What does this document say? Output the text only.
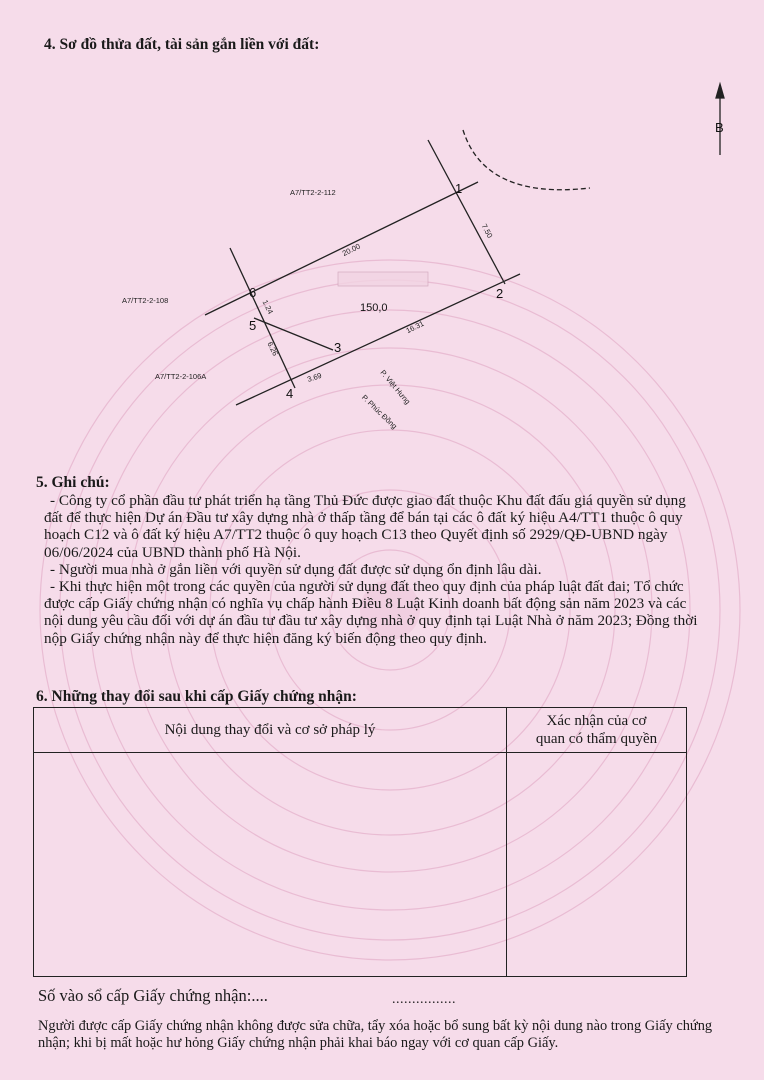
4. Sơ đồ thửa đất, tài sản gắn liền với đất:
A7/TT2-2-112
A7/TT2-2-108
A7/TT2-2-106A
20.00
7.50
16.31
3.69
6.26
1.24
P. Việt Hưng
P. Phúc Đồng
B
1
2
3
4
5
6
150,0
5. Ghi chú:

- Công ty cổ phần đầu tư phát triển hạ tầng Thủ Đức được giao đất thuộc Khu đất đấu giá quyền sử dụng đất để thực hiện Dự án Đầu tư xây dựng nhà ở thấp tầng để bán tại các ô đất ký hiệu A4/TT1 thuộc ô quy hoạch C12 và ô đất ký hiệu A7/TT2 thuộc ô quy hoạch C13 theo Quyết định số 2929/QĐ-UBND ngày 06/06/2024 của UBND thành phố Hà Nội.

- Người mua nhà ở gắn liền với quyền sử dụng đất được sử dụng ổn định lâu dài.

- Khi thực hiện một trong các quyền của người sử dụng đất theo quy định của pháp luật đất đai; Tổ chức được cấp Giấy chứng nhận có nghĩa vụ chấp hành Điều 8 Luật Kinh doanh bất động sản năm 2023 và các nội dung yêu cầu đối với dự án đầu tư đầu tư xây dựng nhà ở quy định tại Luật Nhà ở năm 2023; Đồng thời nộp Giấy chứng nhận này để thực hiện đăng ký biến động theo quy định.

6. Những thay đổi sau khi cấp Giấy chứng nhận:
Nội dung thay đổi và cơ sở pháp lý	Xác nhận của cơ quan có thẩm quyền

Số vào sổ cấp Giấy chứng nhận:....	................
Người được cấp Giấy chứng nhận không được sửa chữa, tẩy xóa hoặc bổ sung bất kỳ nội dung nào trong Giấy chứng nhận; khi bị mất hoặc hư hỏng Giấy chứng nhận phải khai báo ngay với cơ quan cấp Giấy.
